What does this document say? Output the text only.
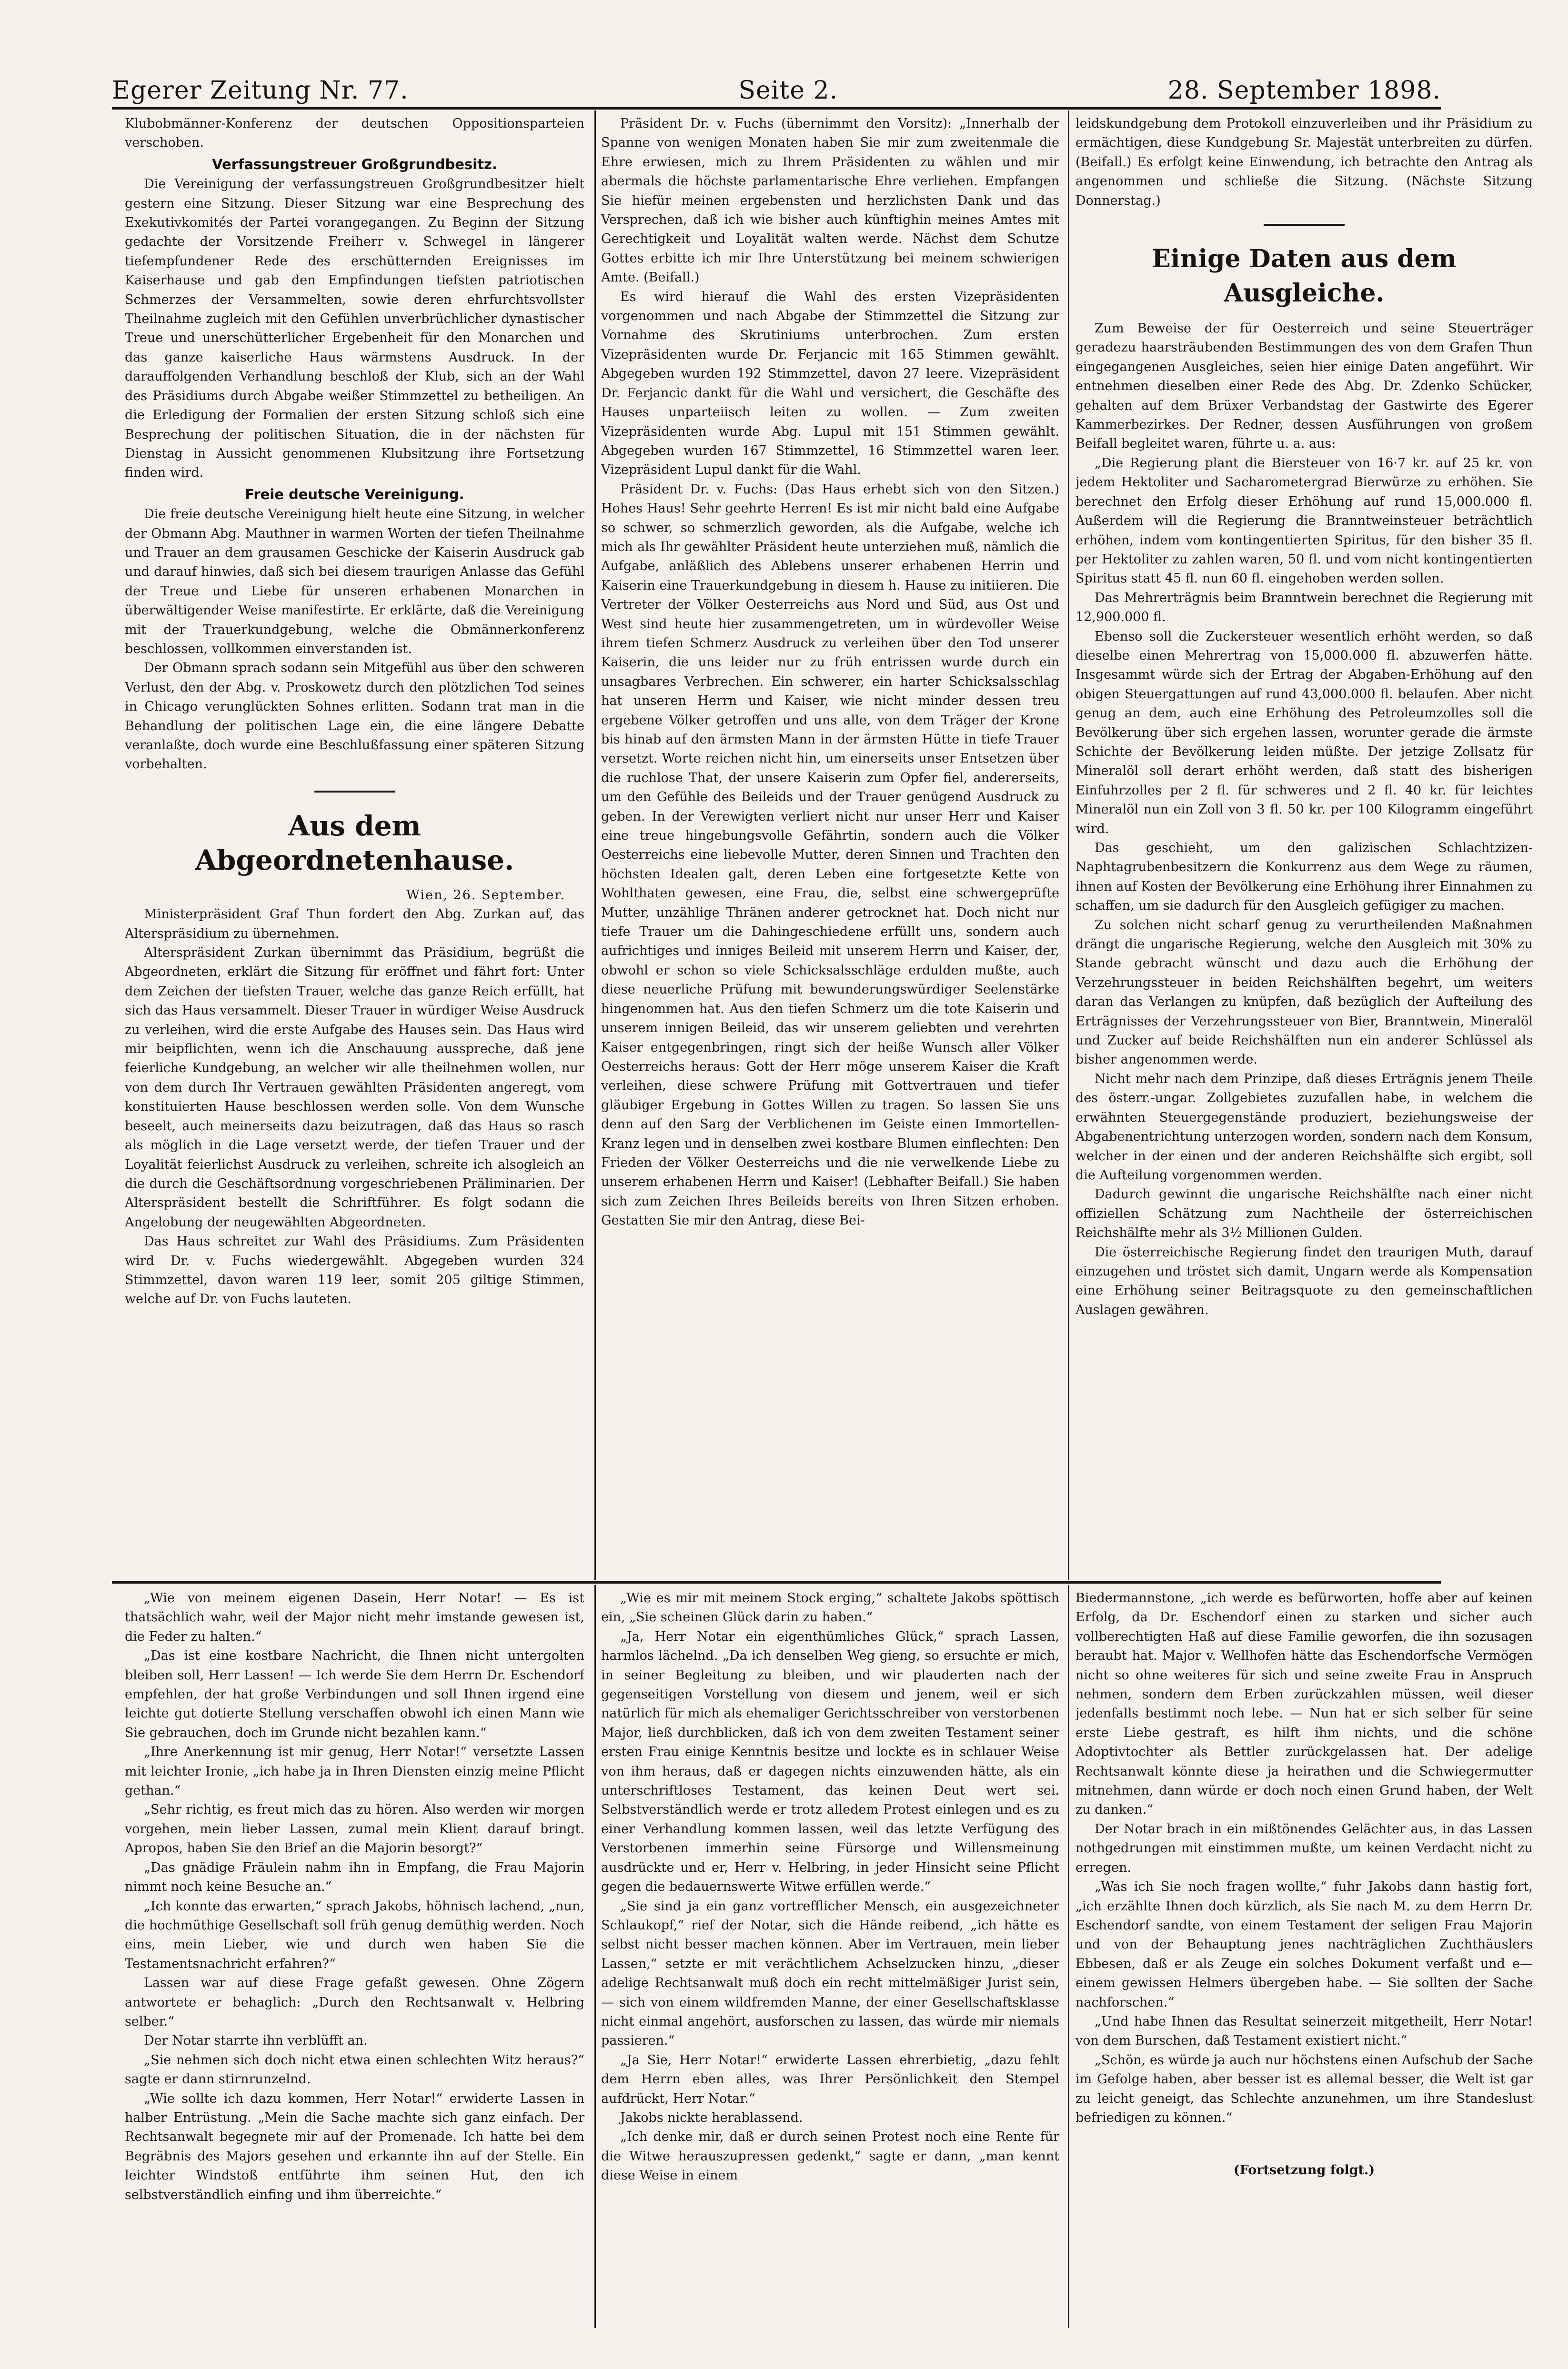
Egerer Zeitung Nr. 77.	Seite 2.	28. September 1898.

Klubobmänner-Konferenz der deutschen Oppositionsparteien verschoben.

Verfassungstreuer Großgrundbesitz.

Die Vereinigung der verfassungstreuen Großgrundbesitzer hielt gestern eine Sitzung. Dieser Sitzung war eine Besprechung des Exekutivkomités der Partei vorangegangen. Zu Beginn der Sitzung gedachte der Vorsitzende Freiherr v. Schwegel in längerer tiefempfundener Rede des erschütternden Ereignisses im Kaiserhause und gab den Empfindungen tiefsten patriotischen Schmerzes der Versammelten, sowie deren ehrfurchtsvollster Theilnahme zugleich mit den Gefühlen unverbrüchlicher dynastischer Treue und unerschütterlicher Ergebenheit für den Monarchen und das ganze kaiserliche Haus wärmstens Ausdruck. In der darauffolgenden Verhandlung beschloß der Klub, sich an der Wahl des Präsidiums durch Abgabe weißer Stimmzettel zu betheiligen. An die Erledigung der Formalien der ersten Sitzung schloß sich eine Besprechung der politischen Situation, die in der nächsten für Dienstag in Aussicht genommenen Klubsitzung ihre Fortsetzung finden wird.

Freie deutsche Vereinigung.

Die freie deutsche Vereinigung hielt heute eine Sitzung, in welcher der Obmann Abg. Mauthner in warmen Worten der tiefen Theilnahme und Trauer an dem grausamen Geschicke der Kaiserin Ausdruck gab und darauf hinwies, daß sich bei diesem traurigen Anlasse das Gefühl der Treue und Liebe für unseren erhabenen Monarchen in überwältigender Weise manifestirte. Er erklärte, daß die Vereinigung mit der Trauerkundgebung, welche die Obmännerkonferenz beschlossen, vollkommen einverstanden ist.

Der Obmann sprach sodann sein Mitgefühl aus über den schweren Verlust, den der Abg. v. Proskowetz durch den plötzlichen Tod seines in Chicago verunglückten Sohnes erlitten. Sodann trat man in die Behandlung der politischen Lage ein, die eine längere Debatte veranlaßte, doch wurde eine Beschlußfassung einer späteren Sitzung vorbehalten.

Aus dem Abgeordnetenhause.

Wien, 26. September.

Ministerpräsident Graf Thun fordert den Abg. Zurkan auf, das Alterspräsidium zu übernehmen.

Alterspräsident Zurkan übernimmt das Präsidium, begrüßt die Abgeordneten, erklärt die Sitzung für eröffnet und fährt fort: Unter dem Zeichen der tiefsten Trauer, welche das ganze Reich erfüllt, hat sich das Haus versammelt. Dieser Trauer in würdiger Weise Ausdruck zu verleihen, wird die erste Aufgabe des Hauses sein. Das Haus wird mir beipflichten, wenn ich die Anschauung ausspreche, daß jene feierliche Kundgebung, an welcher wir alle theilnehmen wollen, nur von dem durch Ihr Vertrauen gewählten Präsidenten angeregt, vom konstituierten Hause beschlossen werden solle. Von dem Wunsche beseelt, auch meinerseits dazu beizutragen, daß das Haus so rasch als möglich in die Lage versetzt werde, der tiefen Trauer und der Loyalität feierlichst Ausdruck zu verleihen, schreite ich alsogleich an die durch die Geschäftsordnung vorgeschriebenen Präliminarien. Der Alterspräsident bestellt die Schriftführer. Es folgt sodann die Angelobung der neugewählten Abgeordneten.

Das Haus schreitet zur Wahl des Präsidiums. Zum Präsidenten wird Dr. v. Fuchs wiedergewählt. Abgegeben wurden 324 Stimmzettel, davon waren 119 leer, somit 205 giltige Stimmen, welche auf Dr. von Fuchs lauteten.

Präsident Dr. v. Fuchs (übernimmt den Vorsitz): „Innerhalb der Spanne von wenigen Monaten haben Sie mir zum zweitenmale die Ehre erwiesen, mich zu Ihrem Präsidenten zu wählen und mir abermals die höchste parlamentarische Ehre verliehen. Empfangen Sie hiefür meinen ergebensten und herzlichsten Dank und das Versprechen, daß ich wie bisher auch künftighin meines Amtes mit Gerechtigkeit und Loyalität walten werde. Nächst dem Schutze Gottes erbitte ich mir Ihre Unterstützung bei meinem schwierigen Amte. (Beifall.)

Es wird hierauf die Wahl des ersten Vizepräsidenten vorgenommen und nach Abgabe der Stimmzettel die Sitzung zur Vornahme des Skrutiniums unterbrochen. Zum ersten Vizepräsidenten wurde Dr. Ferjancic mit 165 Stimmen gewählt. Abgegeben wurden 192 Stimmzettel, davon 27 leere. Vizepräsident Dr. Ferjancic dankt für die Wahl und versichert, die Geschäfte des Hauses unparteiisch leiten zu wollen. — Zum zweiten Vizepräsidenten wurde Abg. Lupul mit 151 Stimmen gewählt. Abgegeben wurden 167 Stimmzettel, 16 Stimmzettel waren leer. Vizepräsident Lupul dankt für die Wahl.

Präsident Dr. v. Fuchs: (Das Haus erhebt sich von den Sitzen.) Hohes Haus! Sehr geehrte Herren! Es ist mir nicht bald eine Aufgabe so schwer, so schmerzlich geworden, als die Aufgabe, welche ich mich als Ihr gewählter Präsident heute unterziehen muß, nämlich die Aufgabe, anläßlich des Ablebens unserer erhabenen Herrin und Kaiserin eine Trauerkundgebung in diesem h. Hause zu initiieren. Die Vertreter der Völker Oesterreichs aus Nord und Süd, aus Ost und West sind heute hier zusammengetreten, um in würdevoller Weise ihrem tiefen Schmerz Ausdruck zu verleihen über den Tod unserer Kaiserin, die uns leider nur zu früh entrissen wurde durch ein unsagbares Verbrechen. Ein schwerer, ein harter Schicksalsschlag hat unseren Herrn und Kaiser, wie nicht minder dessen treu ergebene Völker getroffen und uns alle, von dem Träger der Krone bis hinab auf den ärmsten Mann in der ärmsten Hütte in tiefe Trauer versetzt. Worte reichen nicht hin, um einerseits unser Entsetzen über die ruchlose That, der unsere Kaiserin zum Opfer fiel, andererseits, um den Gefühle des Beileids und der Trauer genügend Ausdruck zu geben. In der Verewigten verliert nicht nur unser Herr und Kaiser eine treue hingebungsvolle Gefährtin, sondern auch die Völker Oesterreichs eine liebevolle Mutter, deren Sinnen und Trachten den höchsten Idealen galt, deren Leben eine fortgesetzte Kette von Wohlthaten gewesen, eine Frau, die, selbst eine schwergeprüfte Mutter, unzählige Thränen anderer getrocknet hat. Doch nicht nur tiefe Trauer um die Dahingeschiedene erfüllt uns, sondern auch aufrichtiges und inniges Beileid mit unserem Herrn und Kaiser, der, obwohl er schon so viele Schicksalsschläge erdulden mußte, auch diese neuerliche Prüfung mit bewunderungswürdiger Seelenstärke hingenommen hat. Aus den tiefen Schmerz um die tote Kaiserin und unserem innigen Beileid, das wir unserem geliebten und verehrten Kaiser entgegenbringen, ringt sich der heiße Wunsch aller Völker Oesterreichs heraus: Gott der Herr möge unserem Kaiser die Kraft verleihen, diese schwere Prüfung mit Gottvertrauen und tiefer gläubiger Ergebung in Gottes Willen zu tragen. So lassen Sie uns denn auf den Sarg der Verblichenen im Geiste einen Immortellen-Kranz legen und in denselben zwei kostbare Blumen einflechten: Den Frieden der Völker Oesterreichs und die nie verwelkende Liebe zu unserem erhabenen Herrn und Kaiser! (Lebhafter Beifall.) Sie haben sich zum Zeichen Ihres Beileids bereits von Ihren Sitzen erhoben. Gestatten Sie mir den Antrag, diese Bei-

leidskundgebung dem Protokoll einzuverleiben und ihr Präsidium zu ermächtigen, diese Kundgebung Sr. Majestät unterbreiten zu dürfen. (Beifall.) Es erfolgt keine Einwendung, ich betrachte den Antrag als angenommen und schließe die Sitzung. (Nächste Sitzung Donnerstag.)

Einige Daten aus dem Ausgleiche.

Zum Beweise der für Oesterreich und seine Steuerträger geradezu haarsträubenden Bestimmungen des von dem Grafen Thun eingegangenen Ausgleiches, seien hier einige Daten angeführt. Wir entnehmen dieselben einer Rede des Abg. Dr. Zdenko Schücker, gehalten auf dem Brüxer Verbandstag der Gastwirte des Egerer Kammerbezirkes. Der Redner, dessen Ausführungen von großem Beifall begleitet waren, führte u. a. aus:

„Die Regierung plant die Biersteuer von 16·7 kr. auf 25 kr. von jedem Hektoliter und Sacharometergrad Bierwürze zu erhöhen. Sie berechnet den Erfolg dieser Erhöhung auf rund 15,000.000 fl. Außerdem will die Regierung die Branntweinsteuer beträchtlich erhöhen, indem vom kontingentierten Spiritus, für den bisher 35 fl. per Hektoliter zu zahlen waren, 50 fl. und vom nicht kontingentierten Spiritus statt 45 fl. nun 60 fl. eingehoben werden sollen.

Das Mehrerträgnis beim Branntwein berechnet die Regierung mit 12,900.000 fl.

Ebenso soll die Zuckersteuer wesentlich erhöht werden, so daß dieselbe einen Mehrertrag von 15,000.000 fl. abzuwerfen hätte. Insgesammt würde sich der Ertrag der Abgaben-Erhöhung auf den obigen Steuergattungen auf rund 43,000.000 fl. belaufen. Aber nicht genug an dem, auch eine Erhöhung des Petroleumzolles soll die Bevölkerung über sich ergehen lassen, worunter gerade die ärmste Schichte der Bevölkerung leiden müßte. Der jetzige Zollsatz für Mineralöl soll derart erhöht werden, daß statt des bisherigen Einfuhrzolles per 2 fl. für schweres und 2 fl. 40 kr. für leichtes Mineralöl nun ein Zoll von 3 fl. 50 kr. per 100 Kilogramm eingeführt wird.

Das geschieht, um den galizischen Schlachtzizen-Naphtagrubenbesitzern die Konkurrenz aus dem Wege zu räumen, ihnen auf Kosten der Bevölkerung eine Erhöhung ihrer Einnahmen zu schaffen, um sie dadurch für den Ausgleich gefügiger zu machen.

Zu solchen nicht scharf genug zu verurtheilenden Maßnahmen drängt die ungarische Regierung, welche den Ausgleich mit 30% zu Stande gebracht wünscht und dazu auch die Erhöhung der Verzehrungssteuer in beiden Reichshälften begehrt, um weiters daran das Verlangen zu knüpfen, daß bezüglich der Aufteilung des Erträgnisses der Verzehrungssteuer von Bier, Branntwein, Mineralöl und Zucker auf beide Reichshälften nun ein anderer Schlüssel als bisher angenommen werde.

Nicht mehr nach dem Prinzipe, daß dieses Erträgnis jenem Theile des österr.-ungar. Zollgebietes zuzufallen habe, in welchem die erwähnten Steuergegenstände produziert, beziehungsweise der Abgabenentrichtung unterzogen worden, sondern nach dem Konsum, welcher in der einen und der anderen Reichshälfte sich ergibt, soll die Aufteilung vorgenommen werden.

Dadurch gewinnt die ungarische Reichshälfte nach einer nicht offiziellen Schätzung zum Nachtheile der österreichischen Reichshälfte mehr als 3½ Millionen Gulden.

Die österreichische Regierung findet den traurigen Muth, darauf einzugehen und tröstet sich damit, Ungarn werde als Kompensation eine Erhöhung seiner Beitragsquote zu den gemeinschaftlichen Auslagen gewähren.

„Wie von meinem eigenen Dasein, Herr Notar! — Es ist thatsächlich wahr, weil der Major nicht mehr imstande gewesen ist, die Feder zu halten.“

„Das ist eine kostbare Nachricht, die Ihnen nicht untergolten bleiben soll, Herr Lassen! — Ich werde Sie dem Herrn Dr. Eschendorf empfehlen, der hat große Verbindungen und soll Ihnen irgend eine leichte gut dotierte Stellung verschaffen obwohl ich einen Mann wie Sie gebrauchen, doch im Grunde nicht bezahlen kann.“

„Ihre Anerkennung ist mir genug, Herr Notar!“ versetzte Lassen mit leichter Ironie, „ich habe ja in Ihren Diensten einzig meine Pflicht gethan.“

„Sehr richtig, es freut mich das zu hören. Also werden wir morgen vorgehen, mein lieber Lassen, zumal mein Klient darauf bringt. Apropos, haben Sie den Brief an die Majorin besorgt?“

„Das gnädige Fräulein nahm ihn in Empfang, die Frau Majorin nimmt noch keine Besuche an.“

„Ich konnte das erwarten,“ sprach Jakobs, höhnisch lachend, „nun, die hochmüthige Gesellschaft soll früh genug demüthig werden. Noch eins, mein Lieber, wie und durch wen haben Sie die Testamentsnachricht erfahren?“

Lassen war auf diese Frage gefaßt gewesen. Ohne Zögern antwortete er behaglich: „Durch den Rechtsanwalt v. Helbring selber.“

Der Notar starrte ihn verblüfft an.

„Sie nehmen sich doch nicht etwa einen schlechten Witz heraus?“ sagte er dann stirnrunzelnd.

„Wie sollte ich dazu kommen, Herr Notar!“ erwiderte Lassen in halber Entrüstung. „Mein die Sache machte sich ganz einfach. Der Rechtsanwalt begegnete mir auf der Promenade. Ich hatte bei dem Begräbnis des Majors gesehen und erkannte ihn auf der Stelle. Ein leichter Windstoß entführte ihm seinen Hut, den ich selbstverständlich einfing und ihm überreichte.“

„Wie es mir mit meinem Stock erging,“ schaltete Jakobs spöttisch ein, „Sie scheinen Glück darin zu haben.“

„Ja, Herr Notar ein eigenthümliches Glück,“ sprach Lassen, harmlos lächelnd. „Da ich denselben Weg gieng, so ersuchte er mich, in seiner Begleitung zu bleiben, und wir plauderten nach der gegenseitigen Vorstellung von diesem und jenem, weil er sich natürlich für mich als ehemaliger Gerichtsschreiber von verstorbenen Major, ließ durchblicken, daß ich von dem zweiten Testament seiner ersten Frau einige Kenntnis besitze und lockte es in schlauer Weise von ihm heraus, daß er dagegen nichts einzuwenden hätte, als ein unterschriftloses Testament, das keinen Deut wert sei. Selbstverständlich werde er trotz alledem Protest einlegen und es zu einer Verhandlung kommen lassen, weil das letzte Verfügung des Verstorbenen immerhin seine Fürsorge und Willensmeinung ausdrückte und er, Herr v. Helbring, in jeder Hinsicht seine Pflicht gegen die bedauernswerte Witwe erfüllen werde.“

„Sie sind ja ein ganz vortrefflicher Mensch, ein ausgezeichneter Schlaukopf,“ rief der Notar, sich die Hände reibend, „ich hätte es selbst nicht besser machen können. Aber im Vertrauen, mein lieber Lassen,“ setzte er mit verächtlichem Achselzucken hinzu, „dieser adelige Rechtsanwalt muß doch ein recht mittelmäßiger Jurist sein, — sich von einem wildfremden Manne, der einer Gesellschaftsklasse nicht einmal angehört, ausforschen zu lassen, das würde mir niemals passieren.“

„Ja Sie, Herr Notar!“ erwiderte Lassen ehrerbietig, „dazu fehlt dem Herrn eben alles, was Ihrer Persönlichkeit den Stempel aufdrückt, Herr Notar.“

Jakobs nickte herablassend.

„Ich denke mir, daß er durch seinen Protest noch eine Rente für die Witwe herauszupressen gedenkt,“ sagte er dann, „man kennt diese Weise in einem

Biedermannstone, „ich werde es befürworten, hoffe aber auf keinen Erfolg, da Dr. Eschendorf einen zu starken und sicher auch vollberechtigten Haß auf diese Familie geworfen, die ihn sozusagen beraubt hat. Major v. Wellhofen hätte das Eschendorfsche Vermögen nicht so ohne weiteres für sich und seine zweite Frau in Anspruch nehmen, sondern dem Erben zurückzahlen müssen, weil dieser jedenfalls bestimmt noch lebe. — Nun hat er sich selber für seine erste Liebe gestraft, es hilft ihm nichts, und die schöne Adoptivtochter als Bettler zurückgelassen hat. Der adelige Rechtsanwalt könnte diese ja heirathen und die Schwiegermutter mitnehmen, dann würde er doch noch einen Grund haben, der Welt zu danken.“

Der Notar brach in ein mißtönendes Gelächter aus, in das Lassen nothgedrungen mit einstimmen mußte, um keinen Verdacht nicht zu erregen.

„Was ich Sie noch fragen wollte,“ fuhr Jakobs dann hastig fort, „ich erzählte Ihnen doch kürzlich, als Sie nach M. zu dem Herrn Dr. Eschendorf sandte, von einem Testament der seligen Frau Majorin und von der Behauptung jenes nachträglichen Zuchthäuslers Ebbesen, daß er als Zeuge ein solches Dokument verfaßt und e— einem gewissen Helmers übergeben habe. — Sie sollten der Sache nachforschen.“

„Und habe Ihnen das Resultat seinerzeit mitgetheilt, Herr Notar! von dem Burschen, daß Testament existiert nicht.“

„Schön, es würde ja auch nur höchstens einen Aufschub der Sache im Gefolge haben, aber besser ist es allemal besser, die Welt ist gar zu leicht geneigt, das Schlechte anzunehmen, um ihre Standeslust befriedigen zu können.“

(Fortsetzung folgt.)
